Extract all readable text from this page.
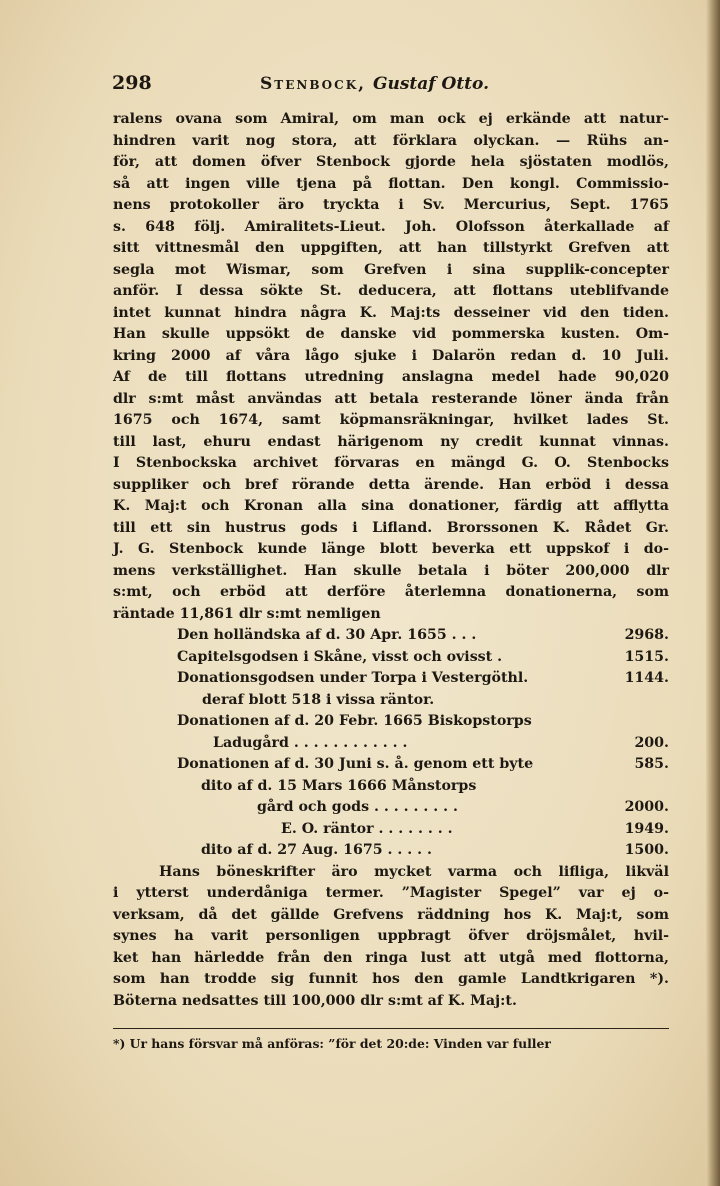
298	Stenbock, Gustaf Otto.
ralens ovana som Amiral, om man ock ej erkände att natur-
hindren varit nog stora, att förklara olyckan. — Rühs an-
för, att domen öfver Stenbock gjorde hela sjöstaten modlös,
så att ingen ville tjena på flottan. Den kongl. Commissio-
nens protokoller äro tryckta i Sv. Mercurius, Sept. 1765
s. 648 följ. Amiralitets-Lieut. Joh. Olofsson återkallade af
sitt vittnesmål den uppgiften, att han tillstyrkt Grefven att
segla mot Wismar, som Grefven i sina supplik-concepter
anför. I dessa sökte St. deducera, att flottans uteblifvande
intet kunnat hindra några K. Maj:ts desseiner vid den tiden.
Han skulle uppsökt de danske vid pommerska kusten. Om-
kring 2000 af våra lågo sjuke i Dalarön redan d. 10 Juli.
Af de till flottans utredning anslagna medel hade 90,020
dlr s:mt måst användas att betala resterande löner ända från
1675 och 1674, samt köpmansräkningar, hvilket lades St.
till last, ehuru endast härigenom ny credit kunnat vinnas.
I Stenbockska archivet förvaras en mängd G. O. Stenbocks
suppliker och bref rörande detta ärende. Han erböd i dessa
K. Maj:t och Kronan alla sina donationer, färdig att afflytta
till ett sin hustrus gods i Lifland. Brorssonen K. Rådet Gr.
J. G. Stenbock kunde länge blott beverka ett uppskof i do-
mens verkställighet. Han skulle betala i böter 200,000 dlr
s:mt, och erböd att derföre återlemna donationerna, som
räntade 11,861 dlr s:mt nemligen
Den holländska af d. 30 Apr. 1655 . . .	2968.
Capitelsgodsen i Skåne, visst och ovisst .	1515.
Donationsgodsen under Torpa i Vestergöthl.	1144.
deraf blott 518 i vissa räntor.
Donationen af d. 20 Febr. 1665 Biskopstorps
Ladugård . . . . . . . . . . . .	200.
Donationen af d. 30 Juni s. å. genom ett byte	585.
dito af d. 15 Mars 1666 Månstorps
gård och gods . . . . . . . . .	2000.
E. O. räntor . . . . . . . .	1949.
dito af d. 27 Aug. 1675 . . . . .	1500.
Hans böneskrifter äro mycket varma och lifliga, likväl
i ytterst underdåniga termer. ”Magister Spegel” var ej o-
verksam, då det gällde Grefvens räddning hos K. Maj:t, som
synes ha varit personligen uppbragt öfver dröjsmålet, hvil-
ket han härledde från den ringa lust att utgå med flottorna,
som han trodde sig funnit hos den gamle Landtkrigaren *).
Böterna nedsattes till 100,000 dlr s:mt af K. Maj:t.
*) Ur hans försvar må anföras: ”för det 20:de: Vinden var fuller
